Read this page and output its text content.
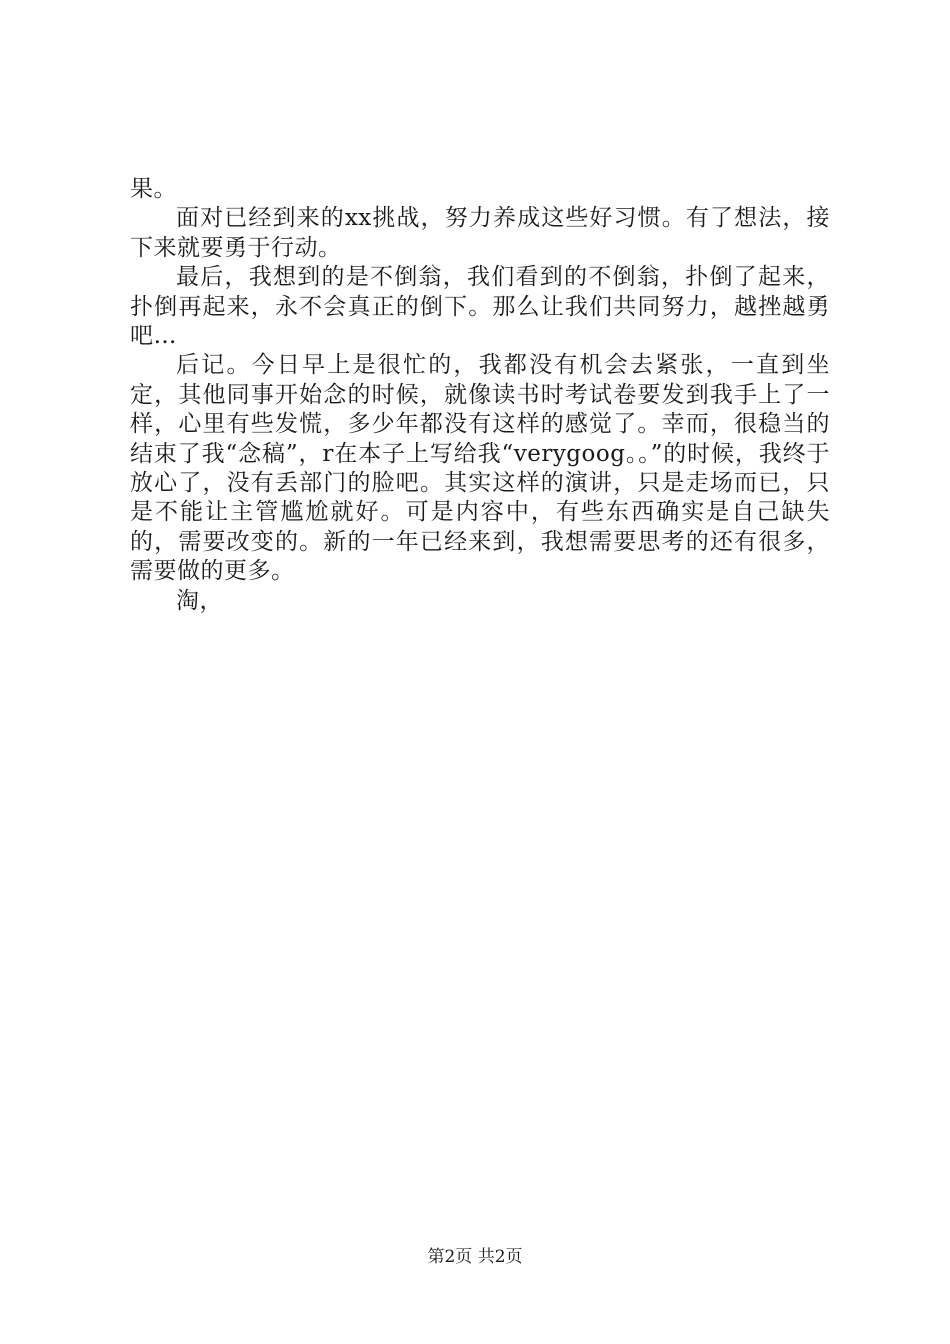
果。

面对已经到来的xx挑战，努力养成这些好习惯。有了想法，接下来就要勇于行动。

最后，我想到的是不倒翁，我们看到的不倒翁，扑倒了起来，扑倒再起来，永不会真正的倒下。那么让我们共同努力，越挫越勇吧…

后记。今日早上是很忙的，我都没有机会去紧张，一直到坐定，其他同事开始念的时候，就像读书时考试卷要发到我手上了一样，心里有些发慌，多少年都没有这样的感觉了。幸而，很稳当的结束了我“念稿”，r在本子上写给我“verygoog。。”的时候，我终于放心了，没有丢部门的脸吧。其实这样的演讲，只是走场而已，只是不能让主管尴尬就好。可是内容中，有些东西确实是自己缺失的，需要改变的。新的一年已经来到，我想需要思考的还有很多，需要做的更多。

淘，

第2页 共2页
